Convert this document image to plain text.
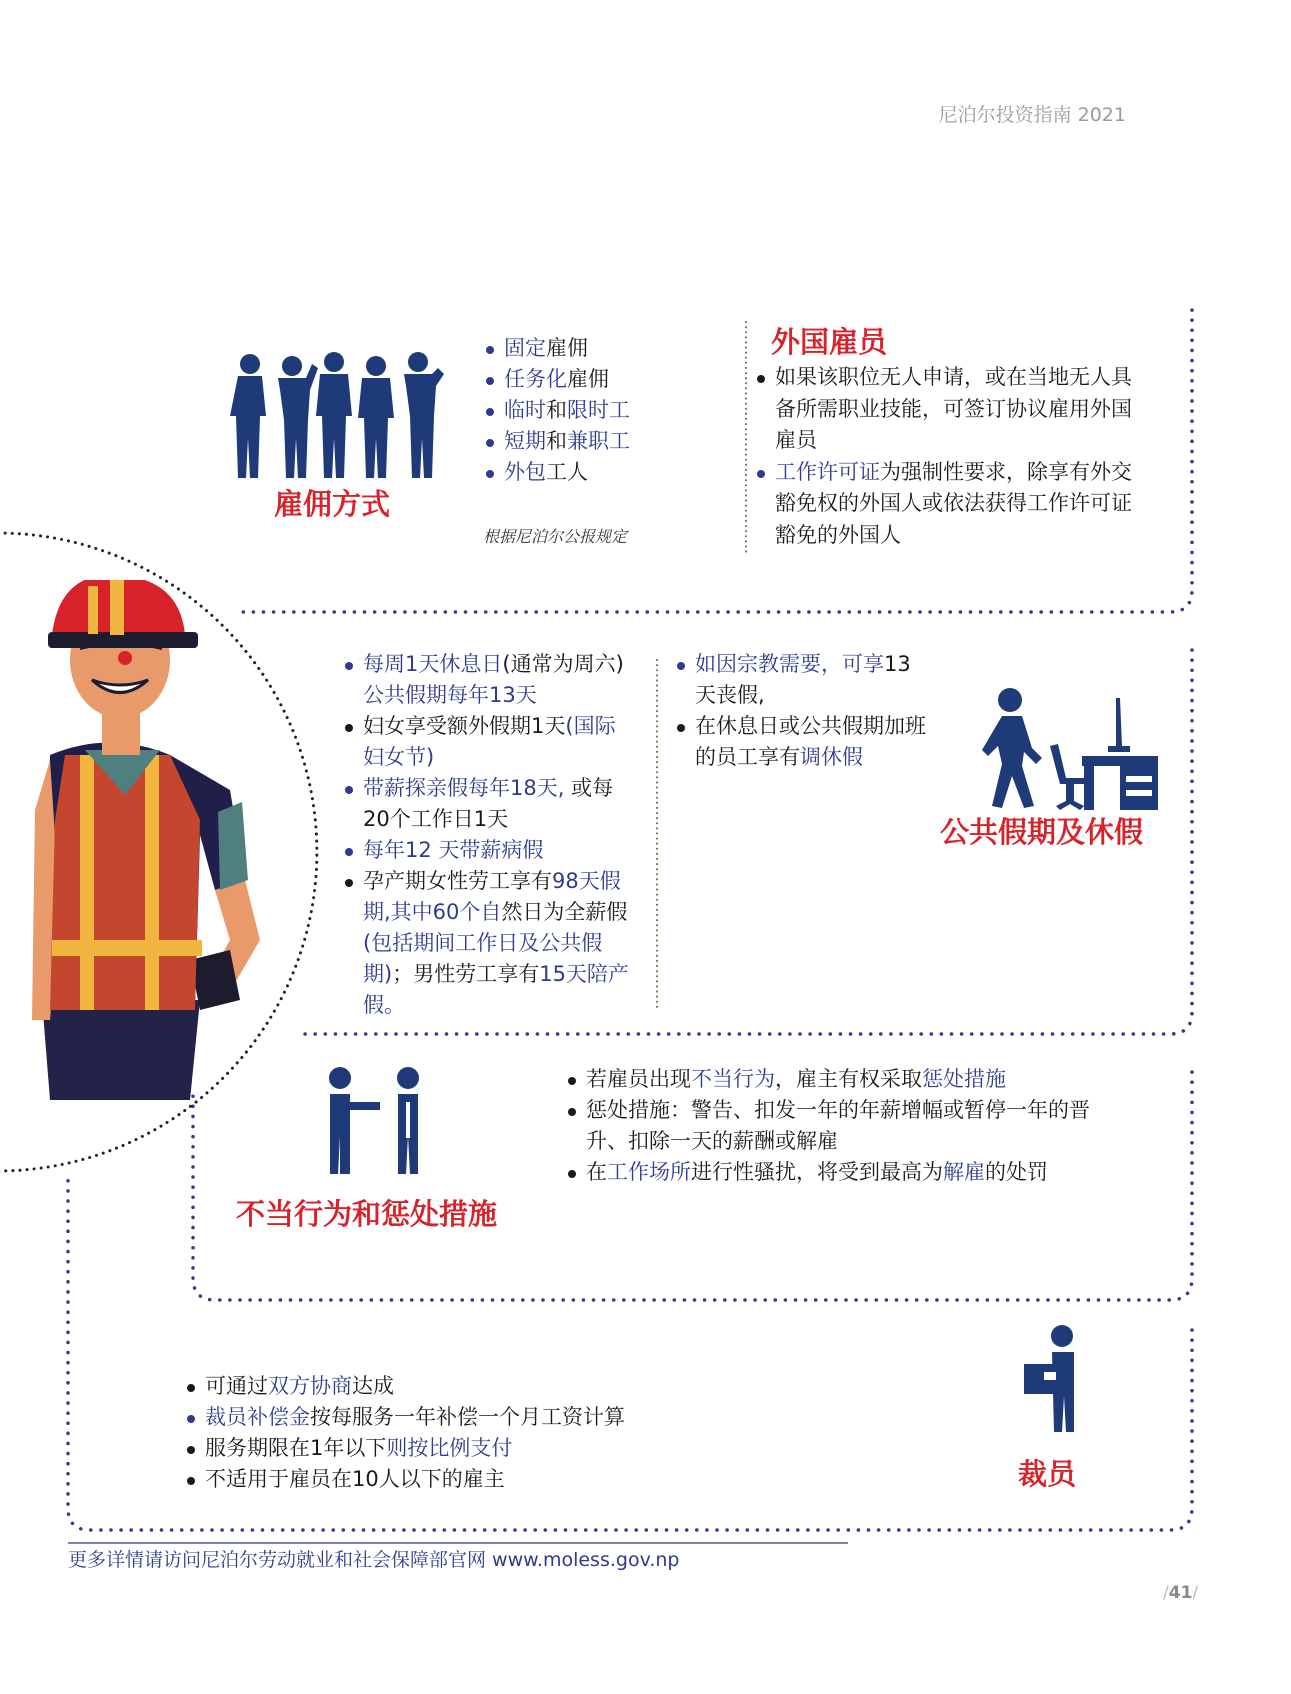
尼泊尔投资指南 2021
雇佣方式
固定雇佣
任务化雇佣
临时和限时工
短期和兼职工
外包工人
根据尼泊尔公报规定
外国雇员
如果该职位无人申请，或在当地无人具备所需职业技能，可签订协议雇用外国雇员
工作许可证为强制性要求，除享有外交豁免权的外国人或依法获得工作许可证豁免的外国人
每周1天休息日(通常为周六)公共假期每年13天
妇女享受额外假期1天(国际妇女节)
带薪探亲假每年18天, 或每20个工作日1天
每年12 天带薪病假
孕产期女性劳工享有98天假期,其中60个自然日为全薪假(包括期间工作日及公共假期)；男性劳工享有15天陪产假。
如因宗教需要，可享13天丧假,
在休息日或公共假期加班的员工享有调休假
公共假期及休假
不当行为和惩处措施
若雇员出现不当行为，雇主有权采取惩处措施
惩处措施：警告、扣发一年的年薪增幅或暂停一年的晋升、扣除一天的薪酬或解雇
在工作场所进行性骚扰，将受到最高为解雇的处罚
可通过双方协商达成
裁员补偿金按每服务一年补偿一个月工资计算
服务期限在1年以下则按比例支付
不适用于雇员在10人以下的雇主	裁员
更多详情请访问尼泊尔劳动就业和社会保障部官网 www.moless.gov.np
/41/
